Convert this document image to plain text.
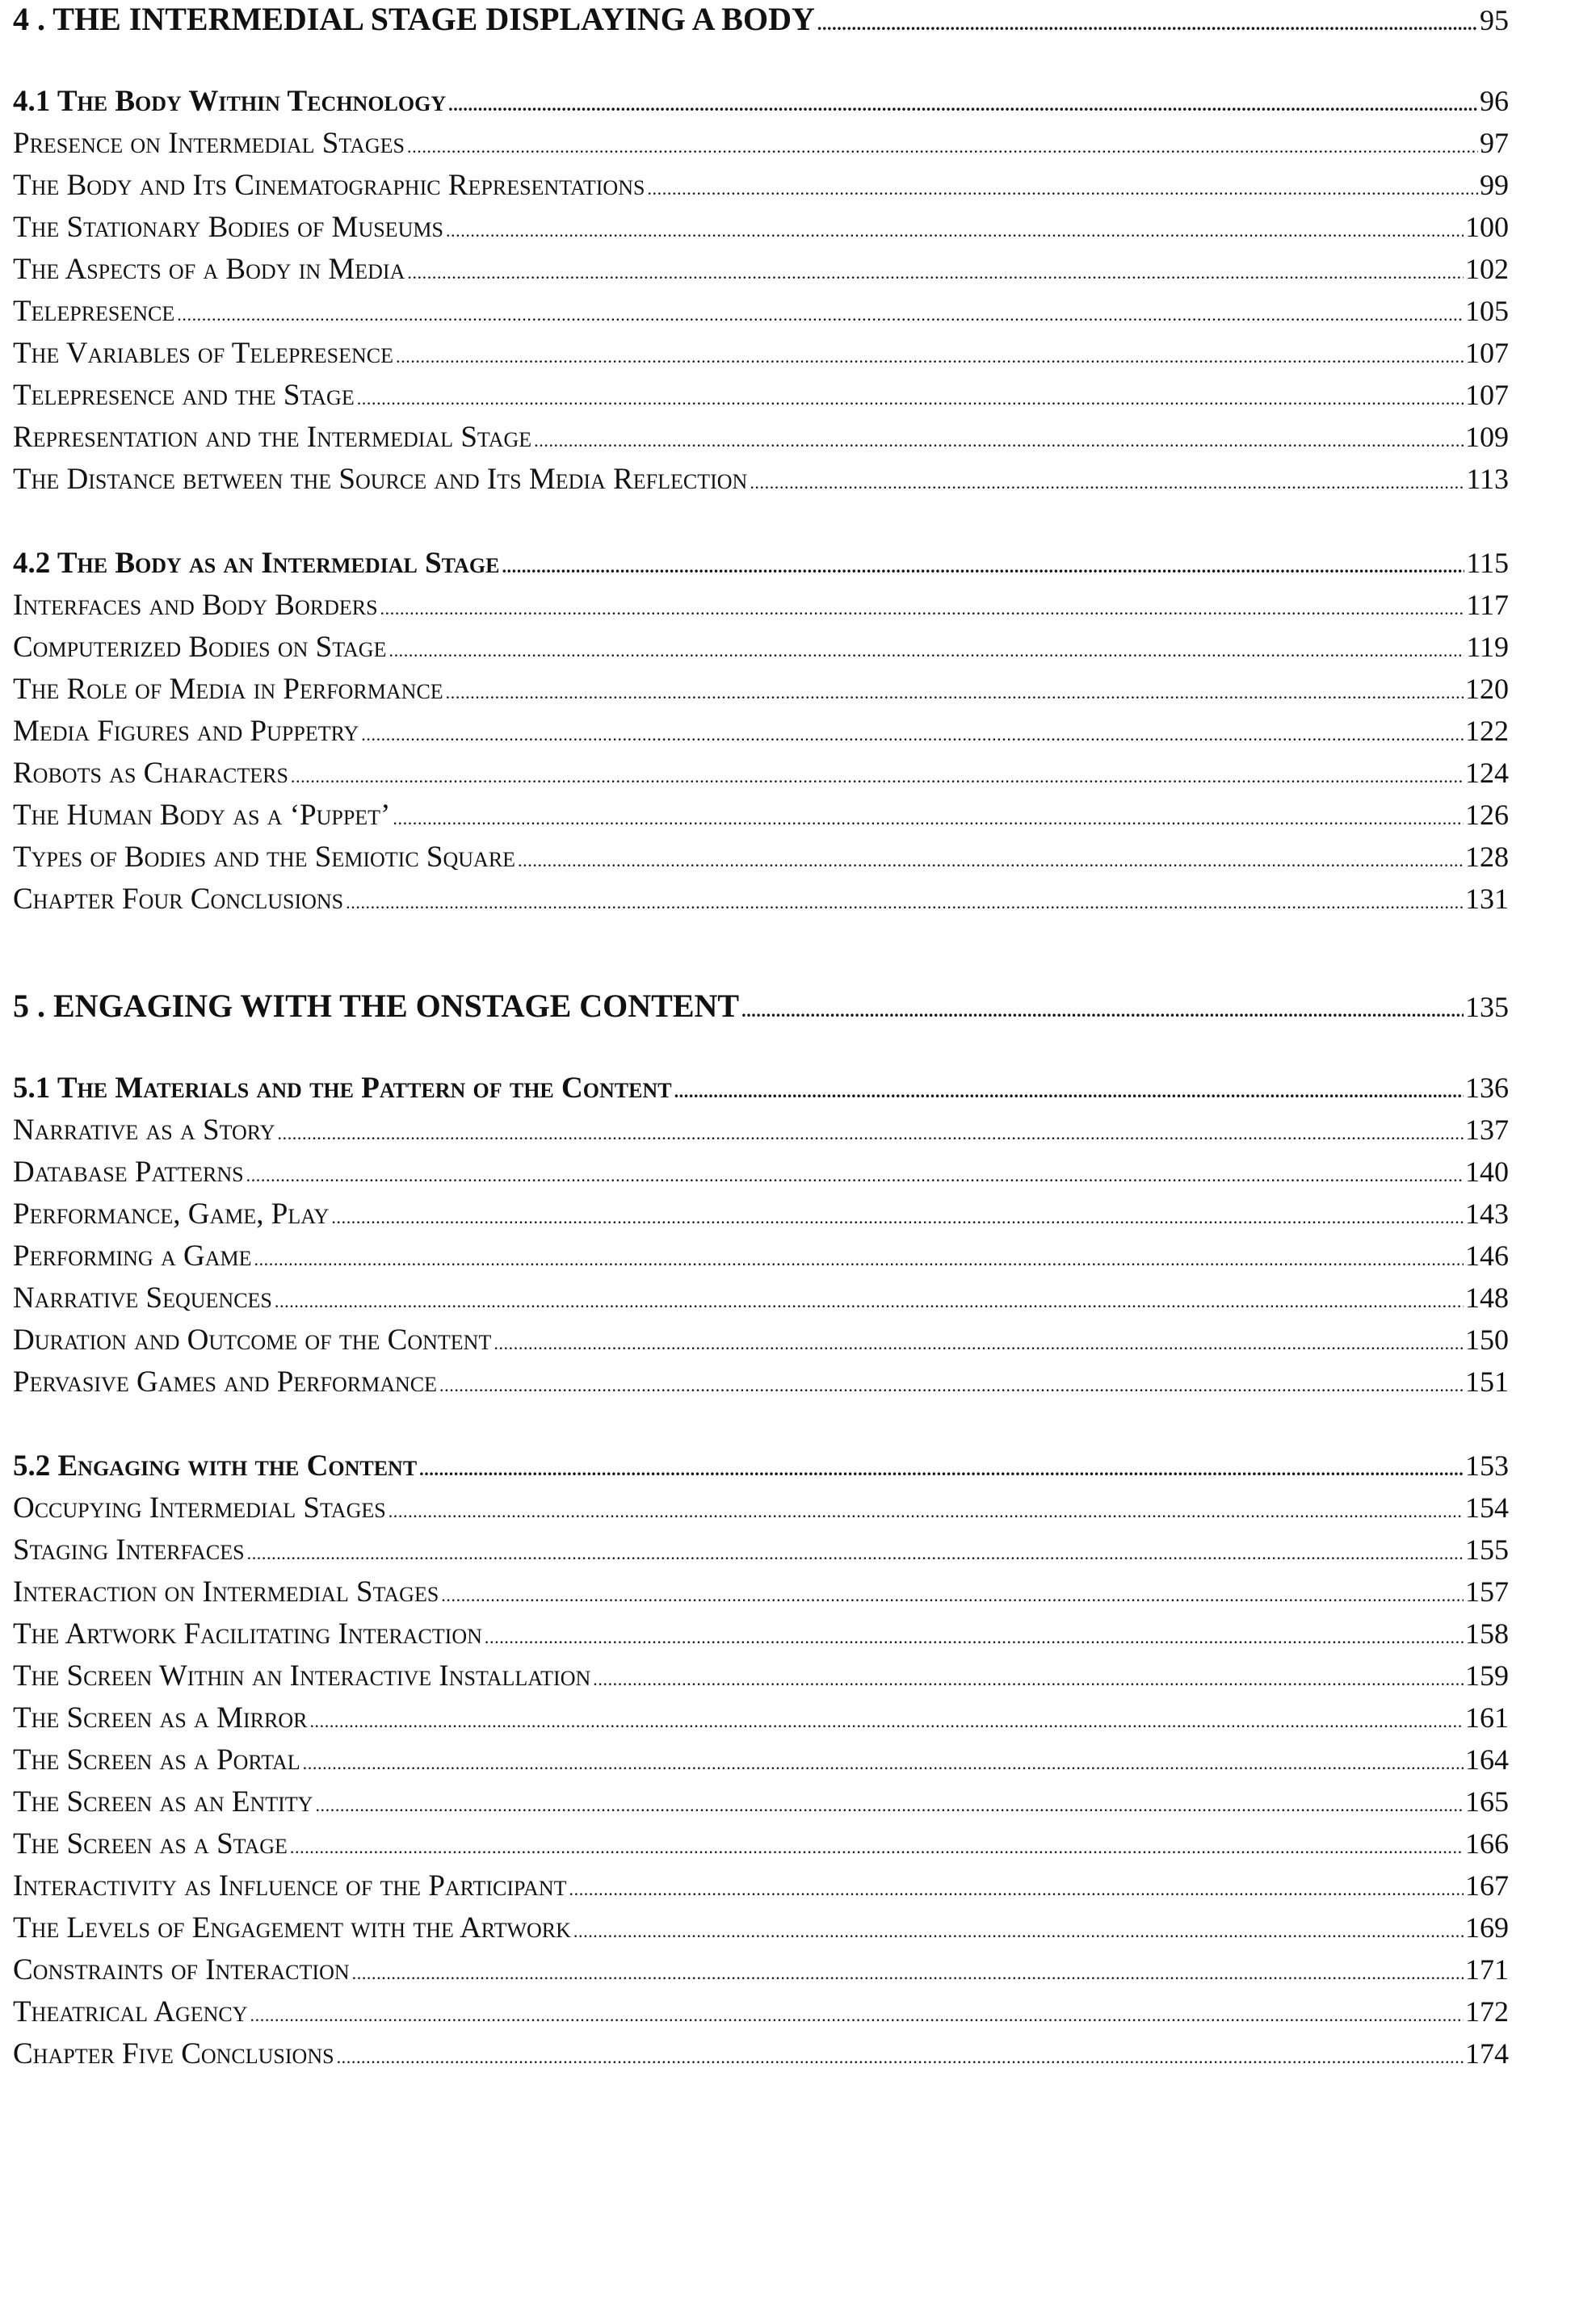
4 . THE INTERMEDIAL STAGE DISPLAYING A BODY .....	95
4.1 The Body Within Technology .....	96
Presence on Intermedial Stages .....	97
The Body and Its Cinematographic Representations .....	99
The Stationary Bodies of Museums .....	100
The Aspects of a Body in Media .....	102
Telepresence .....	105
The Variables of Telepresence .....	107
Telepresence and the Stage .....	107
Representation and the Intermedial Stage .....	109
The Distance between the Source and Its Media Reflection .....	113
4.2 The Body as an Intermedial Stage .....	115
Interfaces and Body Borders .....	117
Computerized Bodies on Stage .....	119
The Role of Media in Performance .....	120
Media Figures and Puppetry .....	122
Robots as Characters .....	124
The Human Body as a ‘Puppet’ .....	126
Types of Bodies and the Semiotic Square .....	128
Chapter Four Conclusions .....	131
5 . ENGAGING WITH THE ONSTAGE CONTENT .....	135
5.1 The Materials and the Pattern of the Content .....	136
Narrative as a Story .....	137
Database Patterns .....	140
Performance, Game, Play .....	143
Performing a Game .....	146
Narrative Sequences .....	148
Duration and Outcome of the Content .....	150
Pervasive Games and Performance .....	151
5.2 Engaging with the Content .....	153
Occupying Intermedial Stages .....	154
Staging Interfaces .....	155
Interaction on Intermedial Stages .....	157
The Artwork Facilitating Interaction .....	158
The Screen Within an Interactive Installation .....	159
The Screen as a Mirror .....	161
The Screen as a Portal .....	164
The Screen as an Entity .....	165
The Screen as a Stage .....	166
Interactivity as Influence of the Participant .....	167
The Levels of Engagement with the Artwork .....	169
Constraints of Interaction .....	171
Theatrical Agency .....	172
Chapter Five Conclusions .....	174
